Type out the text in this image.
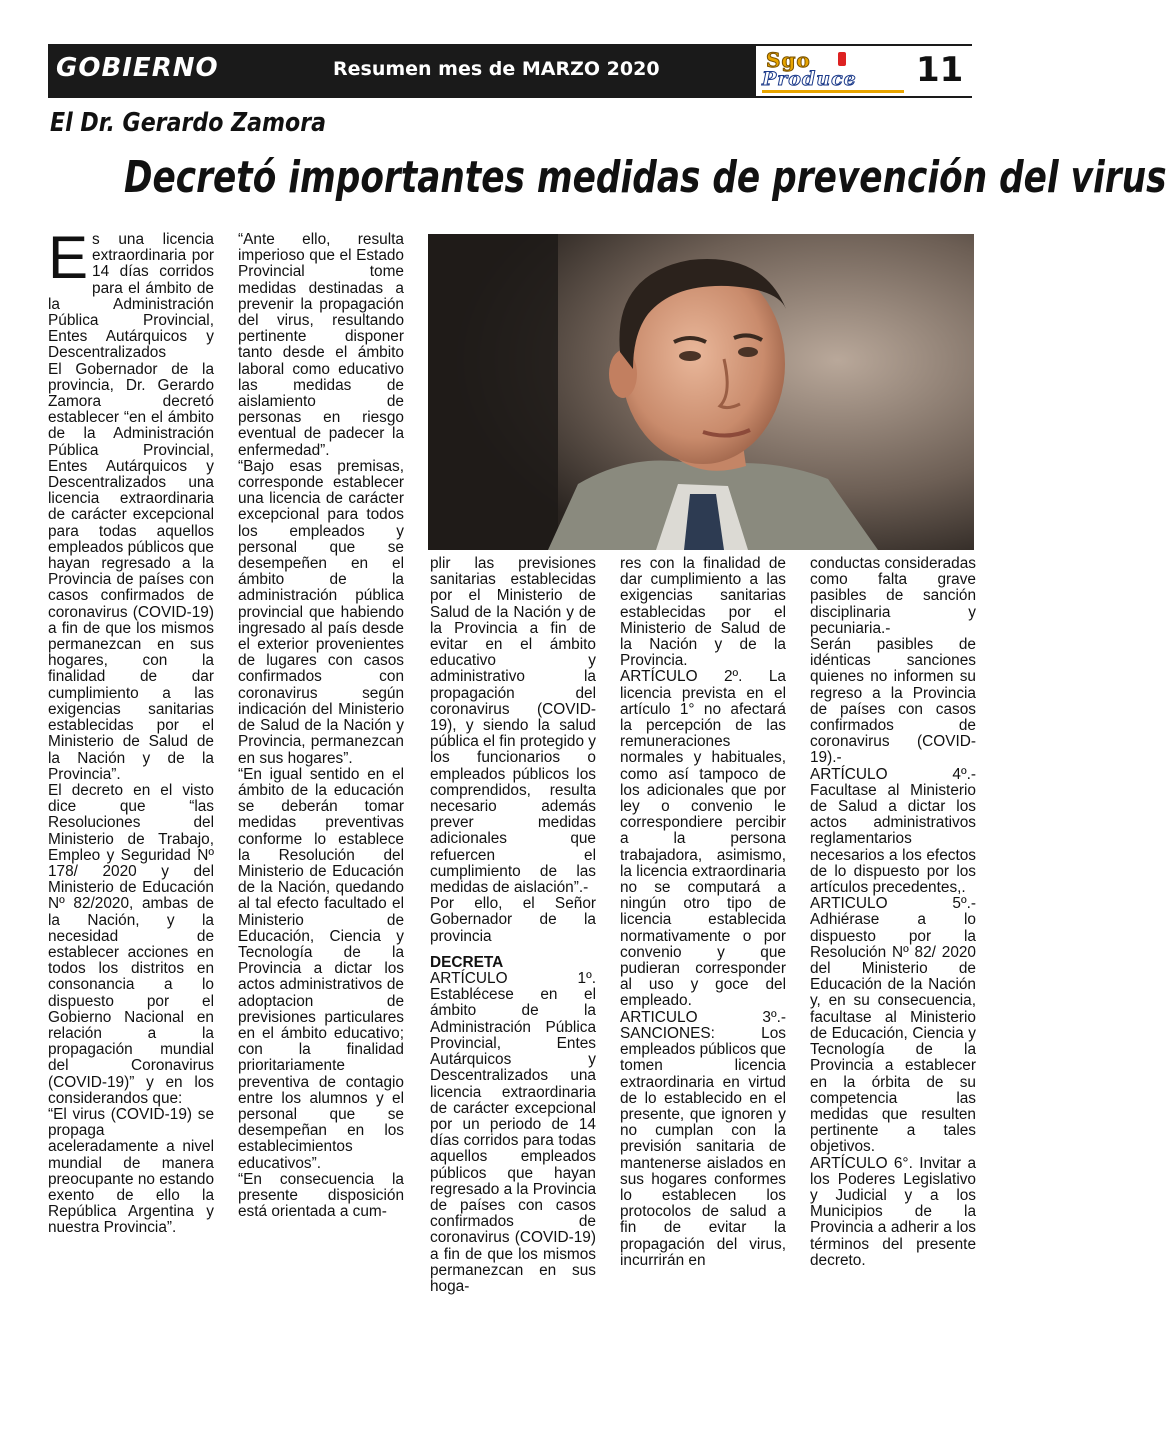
GOBIERNO	Resumen mes de MARZO 2020	Sgo
Produce 11
El Dr. Gerardo Zamora
Decretó importantes medidas de prevención del virus

Es una licencia extraordinaria por 14 días corridos para el ámbito de la Administración Pública Provincial, Entes Autárquicos y Descentralizados

El Gobernador de la provincia, Dr. Gerardo Zamora decretó establecer “en el ámbito de la Administración Pública Provincial, Entes Autárquicos y Descentralizados una licencia extraordinaria de carácter excepcional para todas aquellos empleados públicos que hayan regresado a la Provincia de países con casos confirmados de coronavirus (COVID-19) a fin de que los mismos permanezcan en sus hogares, con la finalidad de dar cumplimiento a las exigencias sanitarias establecidas por el Ministerio de Salud de la Nación y de la Provincia”.

El decreto en el visto dice que “las Resoluciones del Ministerio de Trabajo, Empleo y Seguridad Nº 178/ 2020 y del Ministerio de Educación Nº 82/2020, ambas de la Nación, y la necesidad de establecer acciones en todos los distritos en consonancia a lo dispuesto por el Gobierno Nacional en relación a la propagación mundial del Coronavirus (COVID-19)” y en los considerandos que:

“El virus (COVID-19) se propaga aceleradamente a nivel mundial de manera preocupante no estando exento de ello la República Argentina y nuestra Provincia”.

“Ante ello, resulta imperioso que el Estado Provincial tome medidas destinadas a prevenir la propagación del virus, resultando pertinente disponer tanto desde el ámbito laboral como educativo las medidas de aislamiento de personas en riesgo eventual de padecer la enfermedad”.

“Bajo esas premisas, corresponde establecer una licencia de carácter excepcional para todos los empleados y personal que se desempeñen en el ámbito de la administración pública provincial que habiendo ingresado al país desde el exterior provenientes de lugares con casos confirmados con coronavirus según indicación del Ministerio de Salud de la Nación y Provincia, permanezcan en sus hogares”.

“En igual sentido en el ámbito de la educación se deberán tomar medidas preventivas conforme lo establece la Resolución del Ministerio de Educación de la Nación, quedando al tal efecto facultado el Ministerio de Educación, Ciencia y Tecnología de la Provincia a dictar los actos administrativos de adoptacion de previsiones particulares en el ámbito educativo; con la finalidad prioritariamente preventiva de contagio entre los alumnos y el personal que se desempeñan en los establecimientos educativos”.

“En consecuencia la presente disposición está orientada a cum-

plir las previsiones sanitarias establecidas por el Ministerio de Salud de la Nación y de la Provincia a fin de evitar en el ámbito educativo y administrativo la propagación del coronavirus (COVID-19), y siendo la salud pública el fin protegido y los funcionarios o empleados públicos los comprendidos, resulta necesario además prever medidas adicionales que refuercen el cumplimiento de las medidas de aislación”.-

Por ello, el Señor Gobernador de la provincia

DECRETA

ARTÍCULO 1º. Establécese en el ámbito de la Administración Pública Provincial, Entes Autárquicos y Descentralizados una licencia extraordinaria de carácter excepcional por un periodo de 14 días corridos para todas aquellos empleados públicos que hayan regresado a la Provincia de países con casos confirmados de coronavirus (COVID-19) a fin de que los mismos permanezcan en sus hoga-

res con la finalidad de dar cumplimiento a las exigencias sanitarias establecidas por el Ministerio de Salud de la Nación y de la Provincia.

ARTÍCULO 2º. La licencia prevista en el artículo 1° no afectará la percepción de las remuneraciones normales y habituales, como así tampoco de los adicionales que por ley o convenio le correspondiere percibir a la persona trabajadora, asimismo, la licencia extraordinaria no se computará a ningún otro tipo de licencia establecida normativamente o por convenio y que pudieran corresponder al uso y goce del empleado.

ARTICULO 3º.- SANCIONES: Los empleados públicos que tomen licencia extraordinaria en virtud de lo establecido en el presente, que ignoren y no cumplan con la previsión sanitaria de mantenerse aislados en sus hogares conformes lo establecen los protocolos de salud a fin de evitar la propagación del virus, incurrirán en

conductas consideradas como falta grave pasibles de sanción disciplinaria y pecuniaria.-

Serán pasibles de idénticas sanciones quienes no informen su regreso a la Provincia de países con casos confirmados de coronavirus (COVID-19).-

ARTÍCULO 4º.- Facultase al Ministerio de Salud a dictar los actos administrativos reglamentarios necesarios a los efectos de lo dispuesto por los artículos precedentes,.

ARTICULO 5º.- Adhiérase a lo dispuesto por la Resolución Nº 82/ 2020 del Ministerio de Educación de la Nación y, en su consecuencia, facultase al Ministerio de Educación, Ciencia y Tecnología de la Provincia a establecer en la órbita de su competencia las medidas que resulten pertinente a tales objetivos.

ARTÍCULO 6°. Invitar a los Poderes Legislativo y Judicial y a los Municipios de la Provincia a adherir a los términos del presente decreto.
